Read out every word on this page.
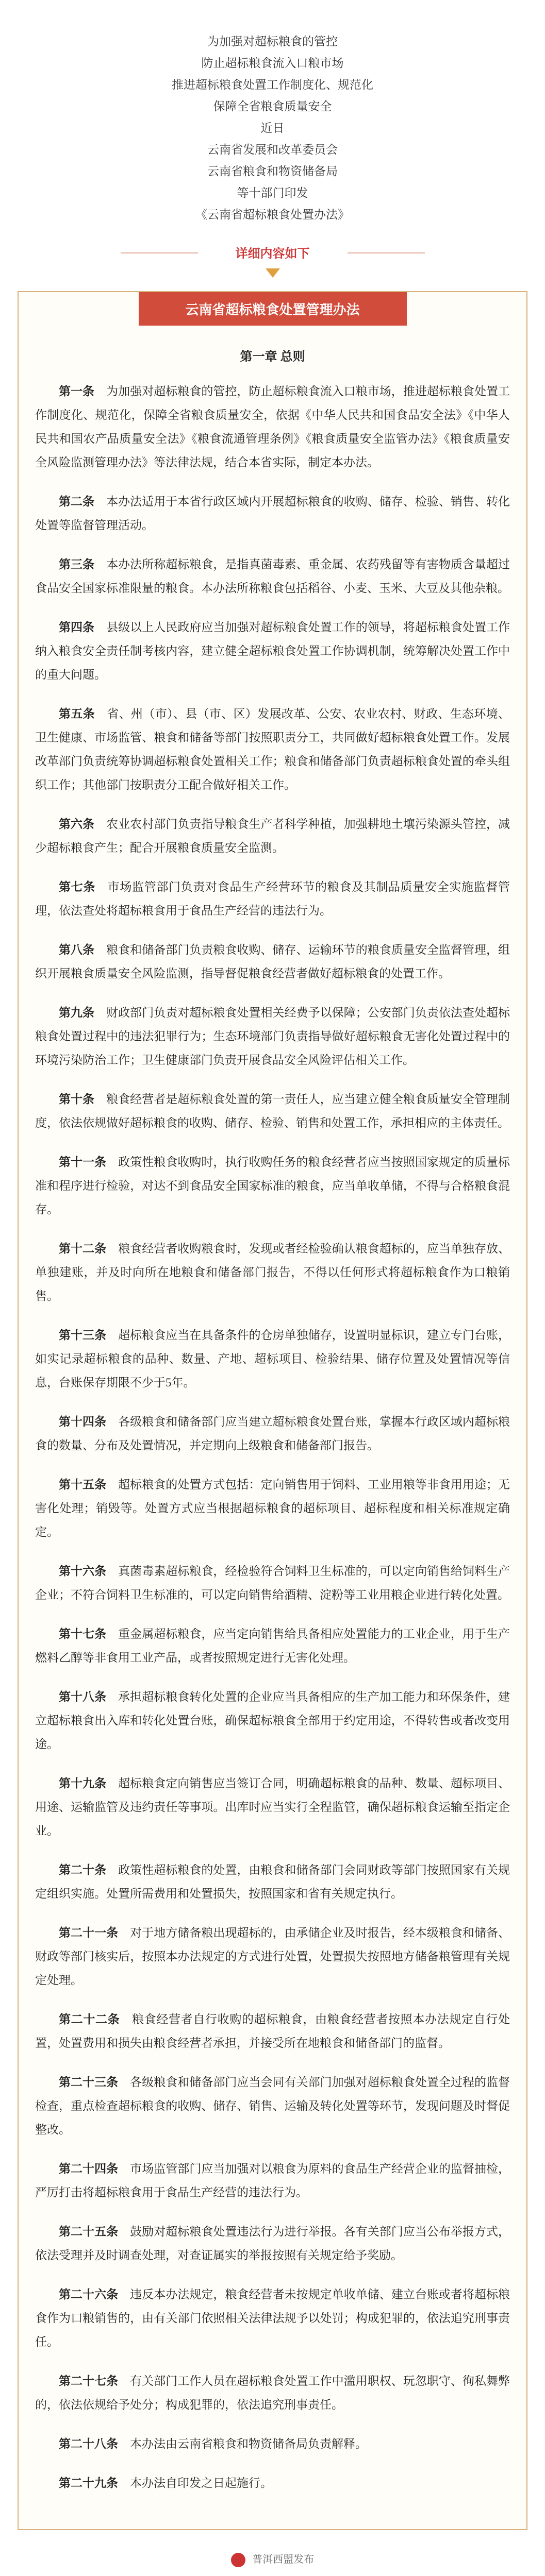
为加强对超标粮食的管控

防止超标粮食流入口粮市场

推进超标粮食处置工作制度化、规范化

保障全省粮食质量安全

近日

云南省发展和改革委员会

云南省粮食和物资储备局

等十部门印发

《云南省超标粮食处置办法》

详细内容如下
云南省超标粮食处置管理办法
第一章 总则

第一条　 为加强对超标粮食的管控，防止超标粮食流入口粮市场，推进超标粮食处置工作制度化、规范化，保障全省粮食质量安全，依据《中华人民共和国食品安全法》《中华人民共和国农产品质量安全法》《粮食流通管理条例》《粮食质量安全监管办法》《粮食质量安全风险监测管理办法》等法律法规，结合本省实际，制定本办法。

第二条　 本办法适用于本省行政区域内开展超标粮食的收购、储存、检验、销售、转化处置等监督管理活动。

第三条　 本办法所称超标粮食，是指真菌毒素、重金属、农药残留等有害物质含量超过食品安全国家标准限量的粮食。本办法所称粮食包括稻谷、小麦、玉米、大豆及其他杂粮。

第四条　 县级以上人民政府应当加强对超标粮食处置工作的领导，将超标粮食处置工作纳入粮食安全责任制考核内容，建立健全超标粮食处置工作协调机制，统筹解决处置工作中的重大问题。

第五条　 省、州（市）、县（市、区）发展改革、公安、农业农村、财政、生态环境、卫生健康、市场监管、粮食和储备等部门按照职责分工，共同做好超标粮食处置工作。发展改革部门负责统筹协调超标粮食处置相关工作；粮食和储备部门负责超标粮食处置的牵头组织工作；其他部门按职责分工配合做好相关工作。

第六条　 农业农村部门负责指导粮食生产者科学种植，加强耕地土壤污染源头管控，减少超标粮食产生；配合开展粮食质量安全监测。

第七条　 市场监管部门负责对食品生产经营环节的粮食及其制品质量安全实施监督管理，依法查处将超标粮食用于食品生产经营的违法行为。

第八条　 粮食和储备部门负责粮食收购、储存、运输环节的粮食质量安全监督管理，组织开展粮食质量安全风险监测，指导督促粮食经营者做好超标粮食的处置工作。

第九条　 财政部门负责对超标粮食处置相关经费予以保障；公安部门负责依法查处超标粮食处置过程中的违法犯罪行为；生态环境部门负责指导做好超标粮食无害化处置过程中的环境污染防治工作；卫生健康部门负责开展食品安全风险评估相关工作。

第十条　 粮食经营者是超标粮食处置的第一责任人，应当建立健全粮食质量安全管理制度，依法依规做好超标粮食的收购、储存、检验、销售和处置工作，承担相应的主体责任。

第十一条　 政策性粮食收购时，执行收购任务的粮食经营者应当按照国家规定的质量标准和程序进行检验，对达不到食品安全国家标准的粮食，应当单收单储，不得与合格粮食混存。

第十二条　 粮食经营者收购粮食时，发现或者经检验确认粮食超标的，应当单独存放、单独建账，并及时向所在地粮食和储备部门报告，不得以任何形式将超标粮食作为口粮销售。

第十三条　 超标粮食应当在具备条件的仓房单独储存，设置明显标识，建立专门台账，如实记录超标粮食的品种、数量、产地、超标项目、检验结果、储存位置及处置情况等信息，台账保存期限不少于5年。

第十四条　 各级粮食和储备部门应当建立超标粮食处置台账，掌握本行政区域内超标粮食的数量、分布及处置情况，并定期向上级粮食和储备部门报告。

第十五条　 超标粮食的处置方式包括：定向销售用于饲料、工业用粮等非食用用途；无害化处理；销毁等。处置方式应当根据超标粮食的超标项目、超标程度和相关标准规定确定。

第十六条　 真菌毒素超标粮食，经检验符合饲料卫生标准的，可以定向销售给饲料生产企业；不符合饲料卫生标准的，可以定向销售给酒精、淀粉等工业用粮企业进行转化处置。

第十七条　 重金属超标粮食，应当定向销售给具备相应处置能力的工业企业，用于生产燃料乙醇等非食用工业产品，或者按照规定进行无害化处理。

第十八条　 承担超标粮食转化处置的企业应当具备相应的生产加工能力和环保条件，建立超标粮食出入库和转化处置台账，确保超标粮食全部用于约定用途，不得转售或者改变用途。

第十九条　 超标粮食定向销售应当签订合同，明确超标粮食的品种、数量、超标项目、用途、运输监管及违约责任等事项。出库时应当实行全程监管，确保超标粮食运输至指定企业。

第二十条　 政策性超标粮食的处置，由粮食和储备部门会同财政等部门按照国家有关规定组织实施。处置所需费用和处置损失，按照国家和省有关规定执行。

第二十一条　 对于地方储备粮出现超标的，由承储企业及时报告，经本级粮食和储备、财政等部门核实后，按照本办法规定的方式进行处置，处置损失按照地方储备粮管理有关规定处理。

第二十二条　 粮食经营者自行收购的超标粮食，由粮食经营者按照本办法规定自行处置，处置费用和损失由粮食经营者承担，并接受所在地粮食和储备部门的监督。

第二十三条　 各级粮食和储备部门应当会同有关部门加强对超标粮食处置全过程的监督检查，重点检查超标粮食的收购、储存、销售、运输及转化处置等环节，发现问题及时督促整改。

第二十四条　 市场监管部门应当加强对以粮食为原料的食品生产经营企业的监督抽检，严厉打击将超标粮食用于食品生产经营的违法行为。

第二十五条　 鼓励对超标粮食处置违法行为进行举报。各有关部门应当公布举报方式，依法受理并及时调查处理，对查证属实的举报按照有关规定给予奖励。

第二十六条　 违反本办法规定，粮食经营者未按规定单收单储、建立台账或者将超标粮食作为口粮销售的，由有关部门依照相关法律法规予以处罚；构成犯罪的，依法追究刑事责任。

第二十七条　 有关部门工作人员在超标粮食处置工作中滥用职权、玩忽职守、徇私舞弊的，依法依规给予处分；构成犯罪的，依法追究刑事责任。

第二十八条　 本办法由云南省粮食和物资储备局负责解释。

第二十九条　 本办法自印发之日起施行。

普洱西盟发布
